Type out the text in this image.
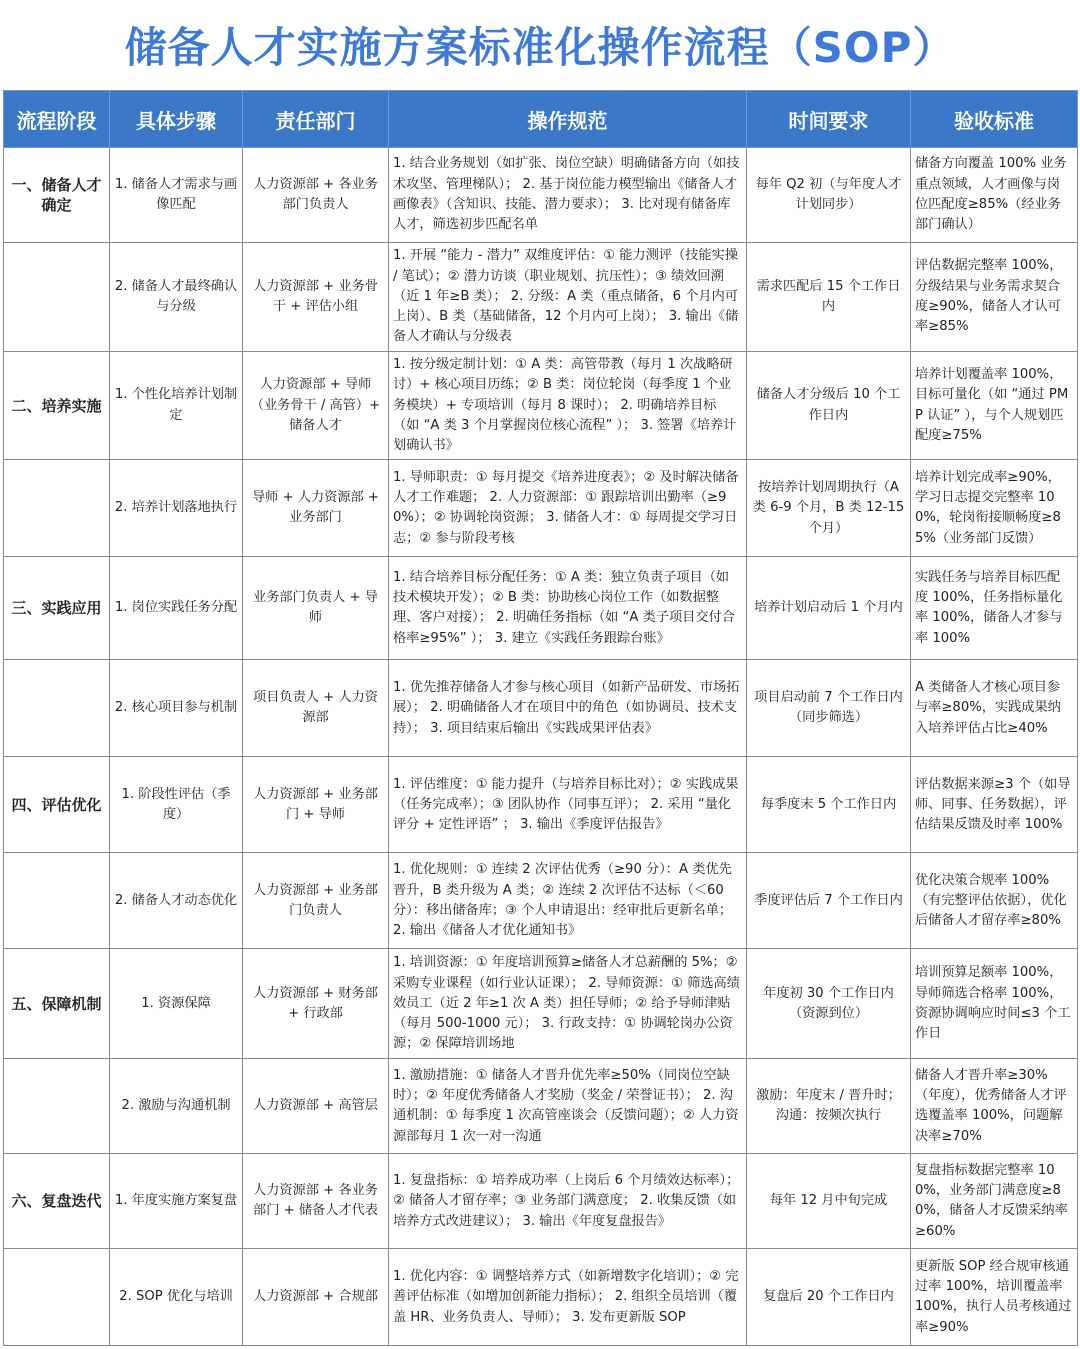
储备人才实施方案标准化操作流程（SOP）
流程阶段	具体步骤	责任部门	操作规范	时间要求	验收标准
一、储备人才确定	1. 储备人才需求与画像匹配	人力资源部 + 各业务部门负责人	1. 结合业务规划（如扩张、岗位空缺）明确储备方向（如技术攻坚、管理梯队）； 2. 基于岗位能力模型输出《储备人才画像表》（含知识、技能、潜力要求）； 3. 比对现有储备库人才，筛选初步匹配名单	每年 Q2 初（与年度人才计划同步）	储备方向覆盖 100% 业务重点领域，人才画像与岗位匹配度≥85%（经业务部门确认）
	2. 储备人才最终确认与分级	人力资源部 + 业务骨干 + 评估小组	1. 开展 “能力 - 潜力” 双维度评估：① 能力测评（技能实操 / 笔试）；② 潜力访谈（职业规划、抗压性）；③ 绩效回溯（近 1 年≥B 类）； 2. 分级：A 类（重点储备，6 个月内可上岗）、B 类（基础储备，12 个月内可上岗）； 3. 输出《储备人才确认与分级表	需求匹配后 15 个工作日内	评估数据完整率 100%，分级结果与业务需求契合度≥90%，储备人才认可率≥85%
二、培养实施	1. 个性化培养计划制定	人力资源部 + 导师（业务骨干 / 高管）+ 储备人才	1. 按分级定制计划：① A 类：高管带教（每月 1 次战略研讨）+ 核心项目历练；② B 类：岗位轮岗（每季度 1 个业务模块）+ 专项培训（每月 8 课时）； 2. 明确培养目标（如 “A 类 3 个月掌握岗位核心流程” ）； 3. 签署《培养计划确认书》	储备人才分级后 10 个工作日内	培养计划覆盖率 100%，目标可量化（如 “通过 PMP 认证” ），与个人规划匹配度≥75%
	2. 培养计划落地执行	导师 + 人力资源部 + 业务部门	1. 导师职责：① 每月提交《培养进度表》；② 及时解决储备人才工作难题； 2. 人力资源部：① 跟踪培训出勤率（≥90%）；② 协调轮岗资源； 3. 储备人才：① 每周提交学习日志；② 参与阶段考核	按培养计划周期执行（A 类 6-9 个月，B 类 12-15 个月）	培养计划完成率≥90%，学习日志提交完整率 100%，轮岗衔接顺畅度≥85%（业务部门反馈）
三、实践应用	1. 岗位实践任务分配	业务部门负责人 + 导师	1. 结合培养目标分配任务：① A 类：独立负责子项目（如技术模块开发）；② B 类：协助核心岗位工作（如数据整理、客户对接）； 2. 明确任务指标（如 “A 类子项目交付合格率≥95%” ）； 3. 建立《实践任务跟踪台账》	培养计划启动后 1 个月内	实践任务与培养目标匹配度 100%，任务指标量化率 100%，储备人才参与率 100%
	2. 核心项目参与机制	项目负责人 + 人力资源部	1. 优先推荐储备人才参与核心项目（如新产品研发、市场拓展）； 2. 明确储备人才在项目中的角色（如协调员、技术支持）； 3. 项目结束后输出《实践成果评估表》	项目启动前 7 个工作日内（同步筛选）	A 类储备人才核心项目参与率≥80%，实践成果纳入培养评估占比≥40%
四、评估优化	1. 阶段性评估（季度）	人力资源部 + 业务部门 + 导师	1. 评估维度：① 能力提升（与培养目标比对）；② 实践成果（任务完成率）；③ 团队协作（同事互评）； 2. 采用 “量化评分 + 定性评语” ； 3. 输出《季度评估报告》	每季度末 5 个工作日内	评估数据来源≥3 个（如导师、同事、任务数据），评估结果反馈及时率 100%
	2. 储备人才动态优化	人力资源部 + 业务部门负责人	1. 优化规则：① 连续 2 次评估优秀（≥90 分）：A 类优先晋升，B 类升级为 A 类；② 连续 2 次评估不达标（＜60 分）：移出储备库；③ 个人申请退出：经审批后更新名单； 2. 输出《储备人才优化通知书》	季度评估后 7 个工作日内	优化决策合规率 100%（有完整评估依据），优化后储备人才留存率≥80%
五、保障机制	1. 资源保障	人力资源部 + 财务部 + 行政部	1. 培训资源：① 年度培训预算≥储备人才总薪酬的 5%；② 采购专业课程（如行业认证课）； 2. 导师资源：① 筛选高绩效员工（近 2 年≥1 次 A 类）担任导师；② 给予导师津贴（每月 500-1000 元）； 3. 行政支持：① 协调轮岗办公资源；② 保障培训场地	年度初 30 个工作日内（资源到位）	培训预算足额率 100%，导师筛选合格率 100%，资源协调响应时间≤3 个工作日
	2. 激励与沟通机制	人力资源部 + 高管层	1. 激励措施：① 储备人才晋升优先率≥50%（同岗位空缺时）；② 年度优秀储备人才奖励（奖金 / 荣誉证书）； 2. 沟通机制：① 每季度 1 次高管座谈会（反馈问题）；② 人力资源部每月 1 次一对一沟通	激励：年度末 / 晋升时；沟通：按频次执行	储备人才晋升率≥30%（年度），优秀储备人才评选覆盖率 100%，问题解决率≥70%
六、复盘迭代	1. 年度实施方案复盘	人力资源部 + 各业务部门 + 储备人才代表	1. 复盘指标：① 培养成功率（上岗后 6 个月绩效达标率）；② 储备人才留存率；③ 业务部门满意度； 2. 收集反馈（如培养方式改进建议）； 3. 输出《年度复盘报告》	每年 12 月中旬完成	复盘指标数据完整率 100%，业务部门满意度≥80%，储备人才反馈采纳率≥60%
	2. SOP 优化与培训	人力资源部 + 合规部	1. 优化内容：① 调整培养方式（如新增数字化培训）；② 完善评估标准（如增加创新能力指标）； 2. 组织全员培训（覆盖 HR、业务负责人、导师）； 3. 发布更新版 SOP	复盘后 20 个工作日内	更新版 SOP 经合规审核通过率 100%，培训覆盖率 100%，执行人员考核通过率≥90%
